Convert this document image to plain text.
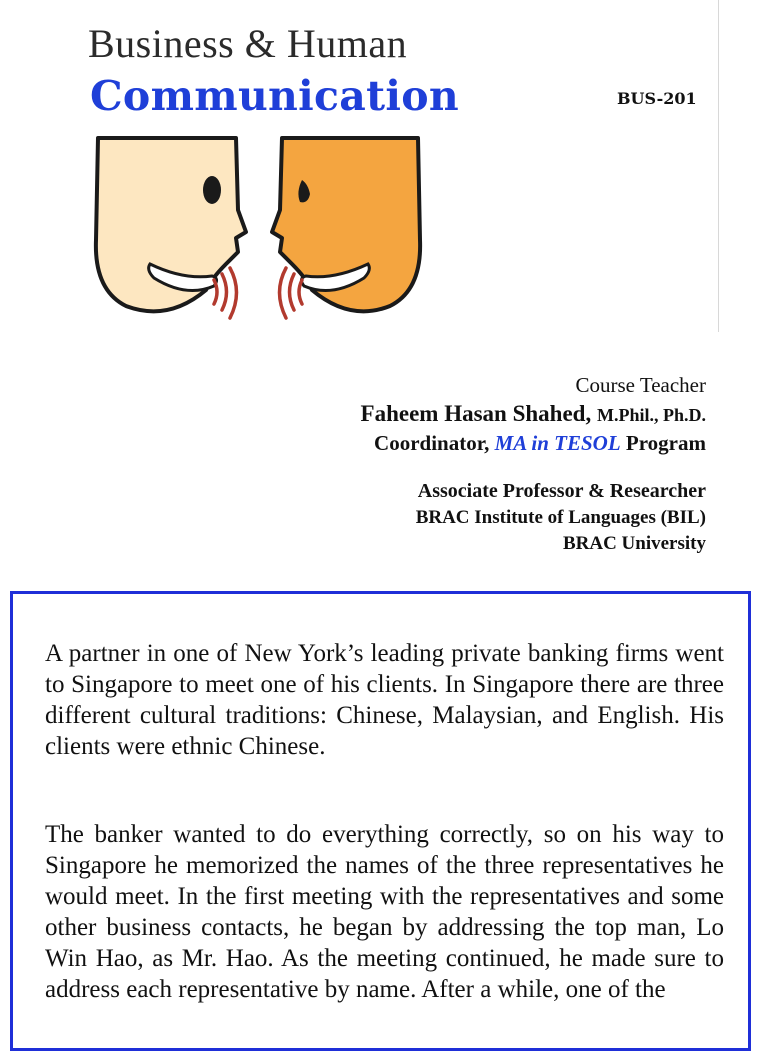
Business & Human
Communication	BUS-201
Course Teacher
Faheem Hasan Shahed, M.Phil., Ph.D.
Coordinator, MA in TESOL Program
Associate Professor & Researcher
BRAC Institute of Languages (BIL)
BRAC University

A partner in one of New York’s leading private banking firms went to Singapore to meet one of his clients. In Singapore there are three different cultural traditions: Chinese, Malaysian, and English. His clients were ethnic Chinese.

The banker wanted to do everything correctly, so on his way to Singapore he memorized the names of the three representatives he would meet. In the first meeting with the representatives and some other business contacts, he began by addressing the top man, Lo Win Hao, as Mr. Hao. As the meeting continued, he made sure to address each representative by name. After a while, one of the
